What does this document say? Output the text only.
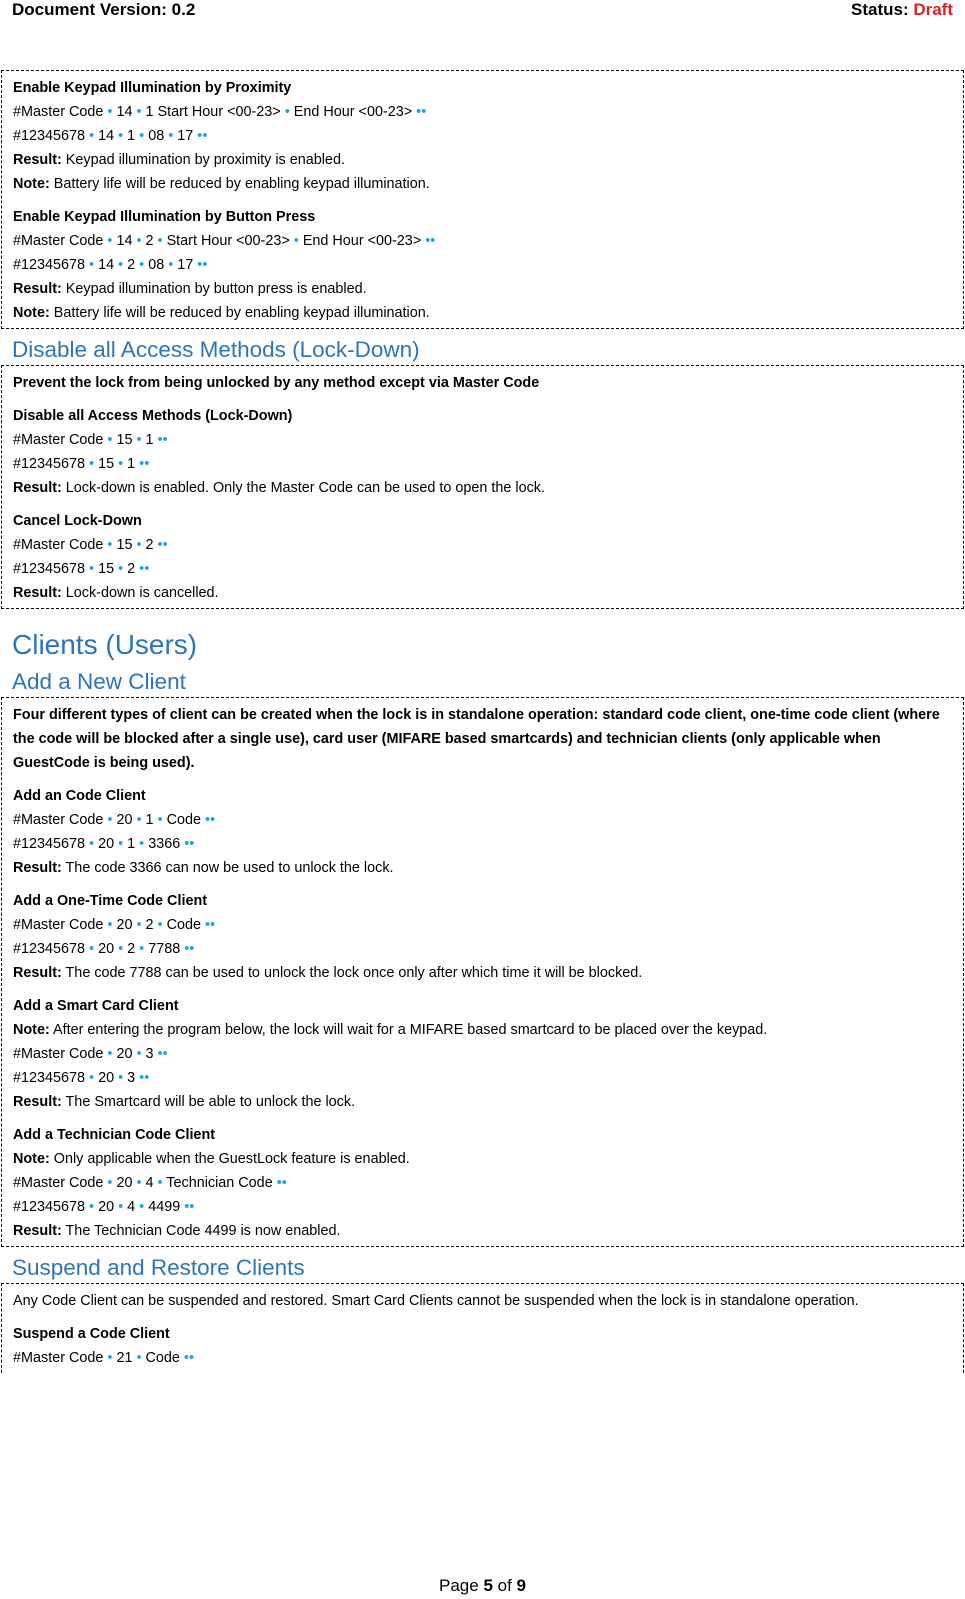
Document Version: 0.2	Status: Draft
Enable Keypad Illumination by Proximity
#Master Code • 14 • 1 Start Hour <00-23> • End Hour <00-23> ••
#12345678 • 14 • 1 • 08 • 17 ••
Result: Keypad illumination by proximity is enabled.
Note: Battery life will be reduced by enabling keypad illumination.
Enable Keypad Illumination by Button Press
#Master Code • 14 • 2 • Start Hour <00-23> • End Hour <00-23> ••
#12345678 • 14 • 2 • 08 • 17 ••
Result: Keypad illumination by button press is enabled.
Note: Battery life will be reduced by enabling keypad illumination.
Disable all Access Methods (Lock-Down)
Prevent the lock from being unlocked by any method except via Master Code
Disable all Access Methods (Lock-Down)
#Master Code • 15 • 1 ••
#12345678 • 15 • 1 ••
Result: Lock-down is enabled. Only the Master Code can be used to open the lock.
Cancel Lock-Down
#Master Code • 15 • 2 ••
#12345678 • 15 • 2 ••
Result: Lock-down is cancelled.
Clients (Users)
Add a New Client
Four different types of client can be created when the lock is in standalone operation: standard code client, one-time code client (where the code will be blocked after a single use), card user (MIFARE based smartcards) and technician clients (only applicable when GuestCode is being used).
Add an Code Client
#Master Code • 20 • 1 • Code ••
#12345678 • 20 • 1 • 3366 ••
Result: The code 3366 can now be used to unlock the lock.
Add a One-Time Code Client
#Master Code • 20 • 2 • Code ••
#12345678 • 20 • 2 • 7788 ••
Result: The code 7788 can be used to unlock the lock once only after which time it will be blocked.
Add a Smart Card Client
Note: After entering the program below, the lock will wait for a MIFARE based smartcard to be placed over the keypad.
#Master Code • 20 • 3 ••
#12345678 • 20 • 3 ••
Result: The Smartcard will be able to unlock the lock.
Add a Technician Code Client
Note: Only applicable when the GuestLock feature is enabled.
#Master Code • 20 • 4 • Technician Code ••
#12345678 • 20 • 4 • 4499 ••
Result: The Technician Code 4499 is now enabled.
Suspend and Restore Clients
Any Code Client can be suspended and restored. Smart Card Clients cannot be suspended when the lock is in standalone operation.
Suspend a Code Client
#Master Code • 21 • Code ••
Page 5 of 9
